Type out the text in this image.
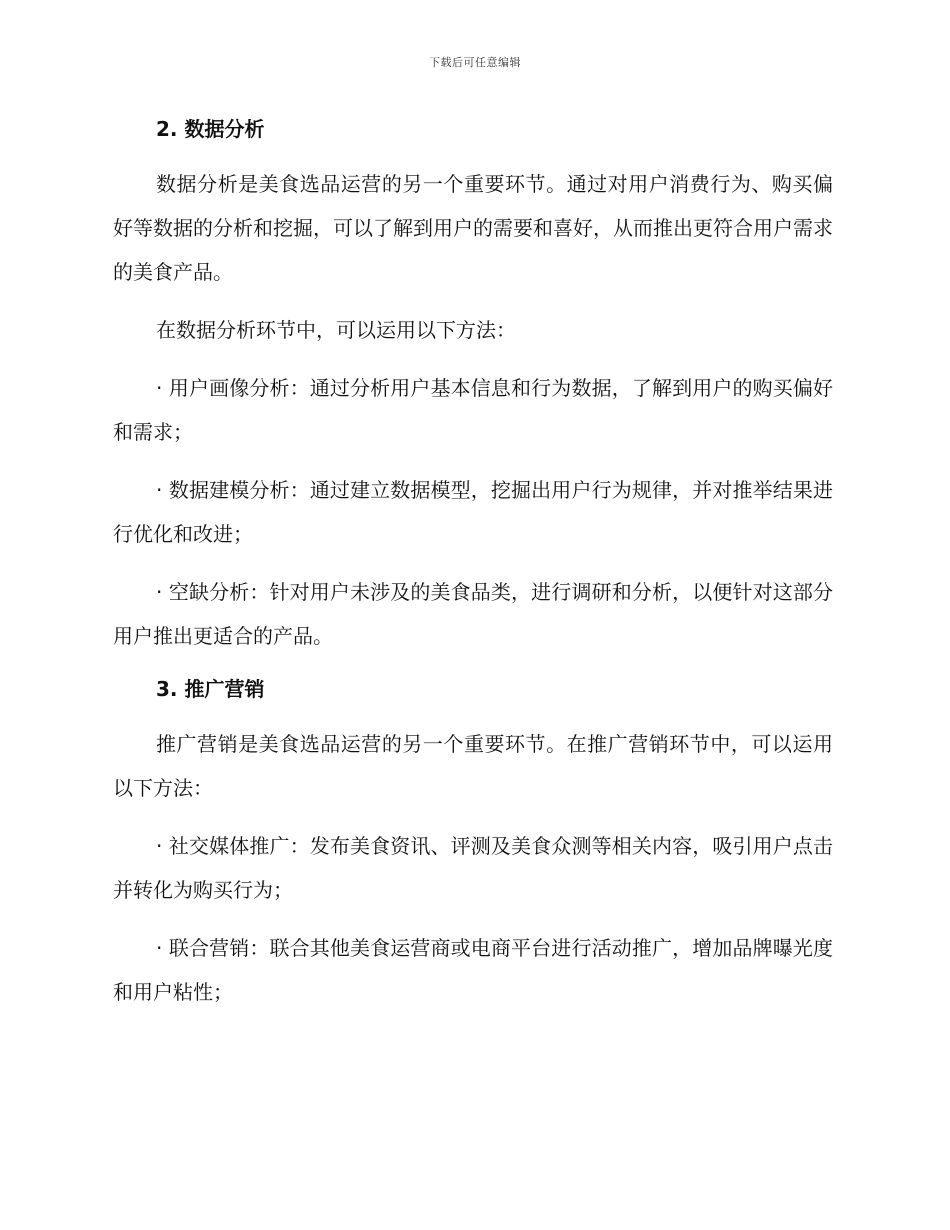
下载后可任意编辑
2. 数据分析

数据分析是美食选品运营的另一个重要环节。通过对用户消费行为、购买偏好等数据的分析和挖掘，可以了解到用户的需要和喜好，从而推出更符合用户需求的美食产品。

在数据分析环节中，可以运用以下方法：

· 用户画像分析：通过分析用户基本信息和行为数据，了解到用户的购买偏好和需求；

· 数据建模分析：通过建立数据模型，挖掘出用户行为规律，并对推举结果进行优化和改进；

· 空缺分析：针对用户未涉及的美食品类，进行调研和分析，以便针对这部分用户推出更适合的产品。

3. 推广营销

推广营销是美食选品运营的另一个重要环节。在推广营销环节中，可以运用以下方法：

· 社交媒体推广：发布美食资讯、评测及美食众测等相关内容，吸引用户点击并转化为购买行为；

· 联合营销：联合其他美食运营商或电商平台进行活动推广，增加品牌曝光度和用户粘性；
